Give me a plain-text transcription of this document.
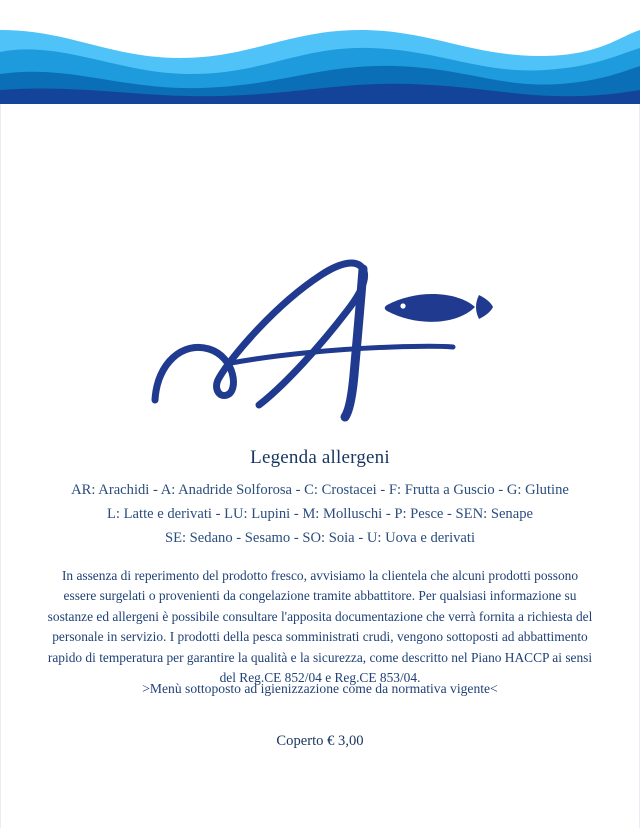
Legenda allergeni
AR: Arachidi - A: Anadride Solforosa - C: Crostacei - F: Frutta a Guscio - G: Glutine
L: Latte e derivati - LU: Lupini - M: Molluschi - P: Pesce - SEN: Senape
SE: Sedano - Sesamo - SO: Soia - U: Uova e derivati
In assenza di reperimento del prodotto fresco, avvisiamo la clientela che alcuni prodotti possono essere surgelati o provenienti da congelazione tramite abbattitore. Per qualsiasi informazione su sostanze ed allergeni è possibile consultare l'apposita documentazione che verrà fornita a richiesta del personale in servizio. I prodotti della pesca somministrati crudi, vengono sottoposti ad abbattimento rapido di temperatura per garantire la qualità e la sicurezza, come descritto nel Piano HACCP ai sensi del Reg.CE 852/04 e Reg.CE 853/04.
>Menù sottoposto ad igienizzazione come da normativa vigente<
Coperto € 3,00
